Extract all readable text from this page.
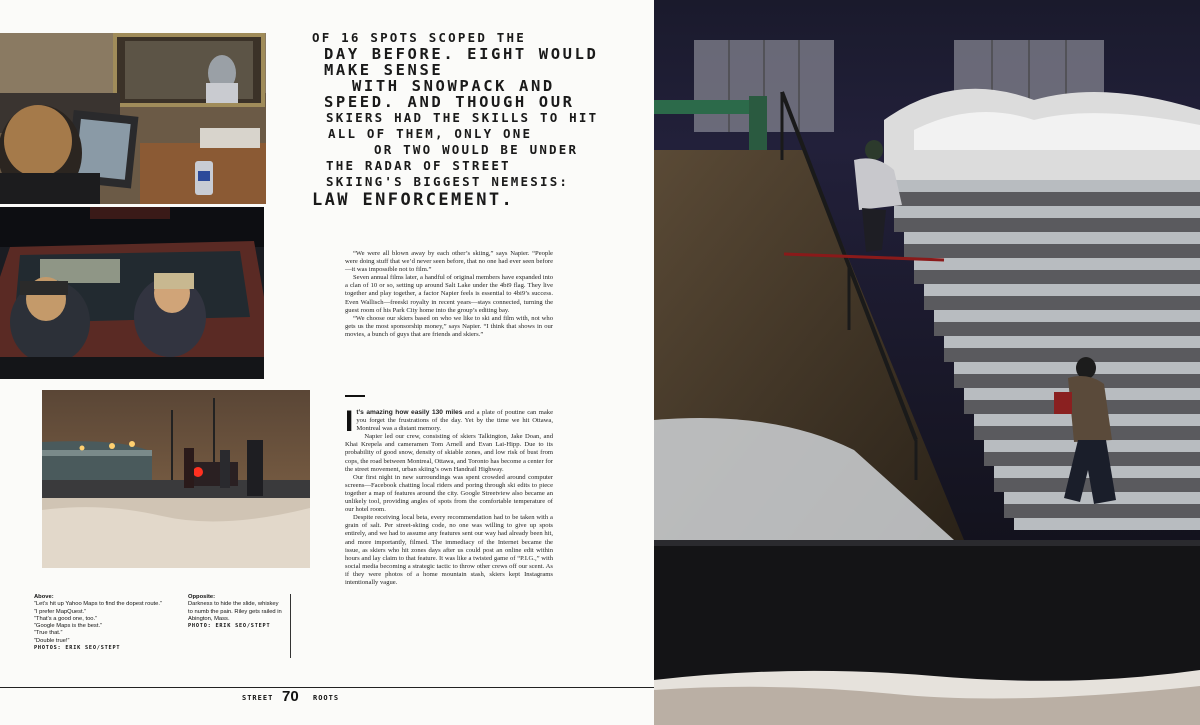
OF 16 SPOTS SCOPED THE
DAY BEFORE. EIGHT WOULD
MAKE SENSE
WITH SNOWPACK AND
SPEED. AND THOUGH OUR
SKIERS HAD THE SKILLS TO HIT
ALL OF THEM, ONLY ONE
OR TWO WOULD BE UNDER
THE RADAR OF STREET
SKIING'S BIGGEST NEMESIS:
LAW ENFORCEMENT.

“We were all blown away by each other’s skiing,” says Napier. “People were doing stuff that we’d never seen before, that no one had ever seen before—it was impossible not to film.”

Seven annual films later, a handful of original members have expanded into a clan of 10 or so, setting up around Salt Lake under the 4bi9 flag. They live together and play together, a factor Napier feels is essential to 4bi9’s success. Even Wallisch—freeski royalty in recent years—stays connected, turning the guest room of his Park City home into the group’s editing bay.

“We choose our skiers based on who we like to ski and film with, not who gets us the most sponsorship money,” says Napier. “I think that shows in our movies, a bunch of guys that are friends and skiers.”

It’s amazing how easily 130 miles and a plate of poutine can make you forget the frustrations of the day. Yet by the time we hit Ottawa, Montreal was a distant memory.

Napier led our crew, consisting of skiers Talkington, Jake Doan, and Khai Krepela and cameramen Tom Arnell and Evan Lai-Hipp. Due to its probability of good snow, density of skiable zones, and low risk of bust from cops, the road between Montreal, Ottawa, and Toronto has become a center for the street movement, urban skiing’s own Handrail Highway.

Our first night in new surroundings was spent crowded around computer screens—Facebook chatting local riders and poring through ski edits to piece together a map of features around the city. Google Streetview also became an unlikely tool, providing angles of spots from the comfortable temperature of our hotel room.

Despite receiving local beta, every recommendation had to be taken with a grain of salt. Per street-skiing code, no one was willing to give up spots entirely, and we had to assume any features sent our way had already been hit, and more importantly, filmed. The immediacy of the Internet became the issue, as skiers who hit zones days after us could post an online edit within hours and lay claim to that feature. It was like a twisted game of “P.I.G.,” with social media becoming a strategic tactic to throw other crews off our scent. As if they were photos of a home mountain stash, skiers kept Instagrams intentionally vague.

Above:
“Let’s hit up Yahoo Maps to find the dopest route.”
“I prefer MapQuest.”
“That’s a good one, too.”
“Google Maps is the best.”
“True that.”
“Double true!”
PHOTOS: ERIK SEO/STEPT
Opposite:
Darkness to hide the slide, whiskey to numb the pain. Riley gets railed in Abington, Mass.
PHOTO: ERIK SEO/STEPT
STREET 70 ROOTS
